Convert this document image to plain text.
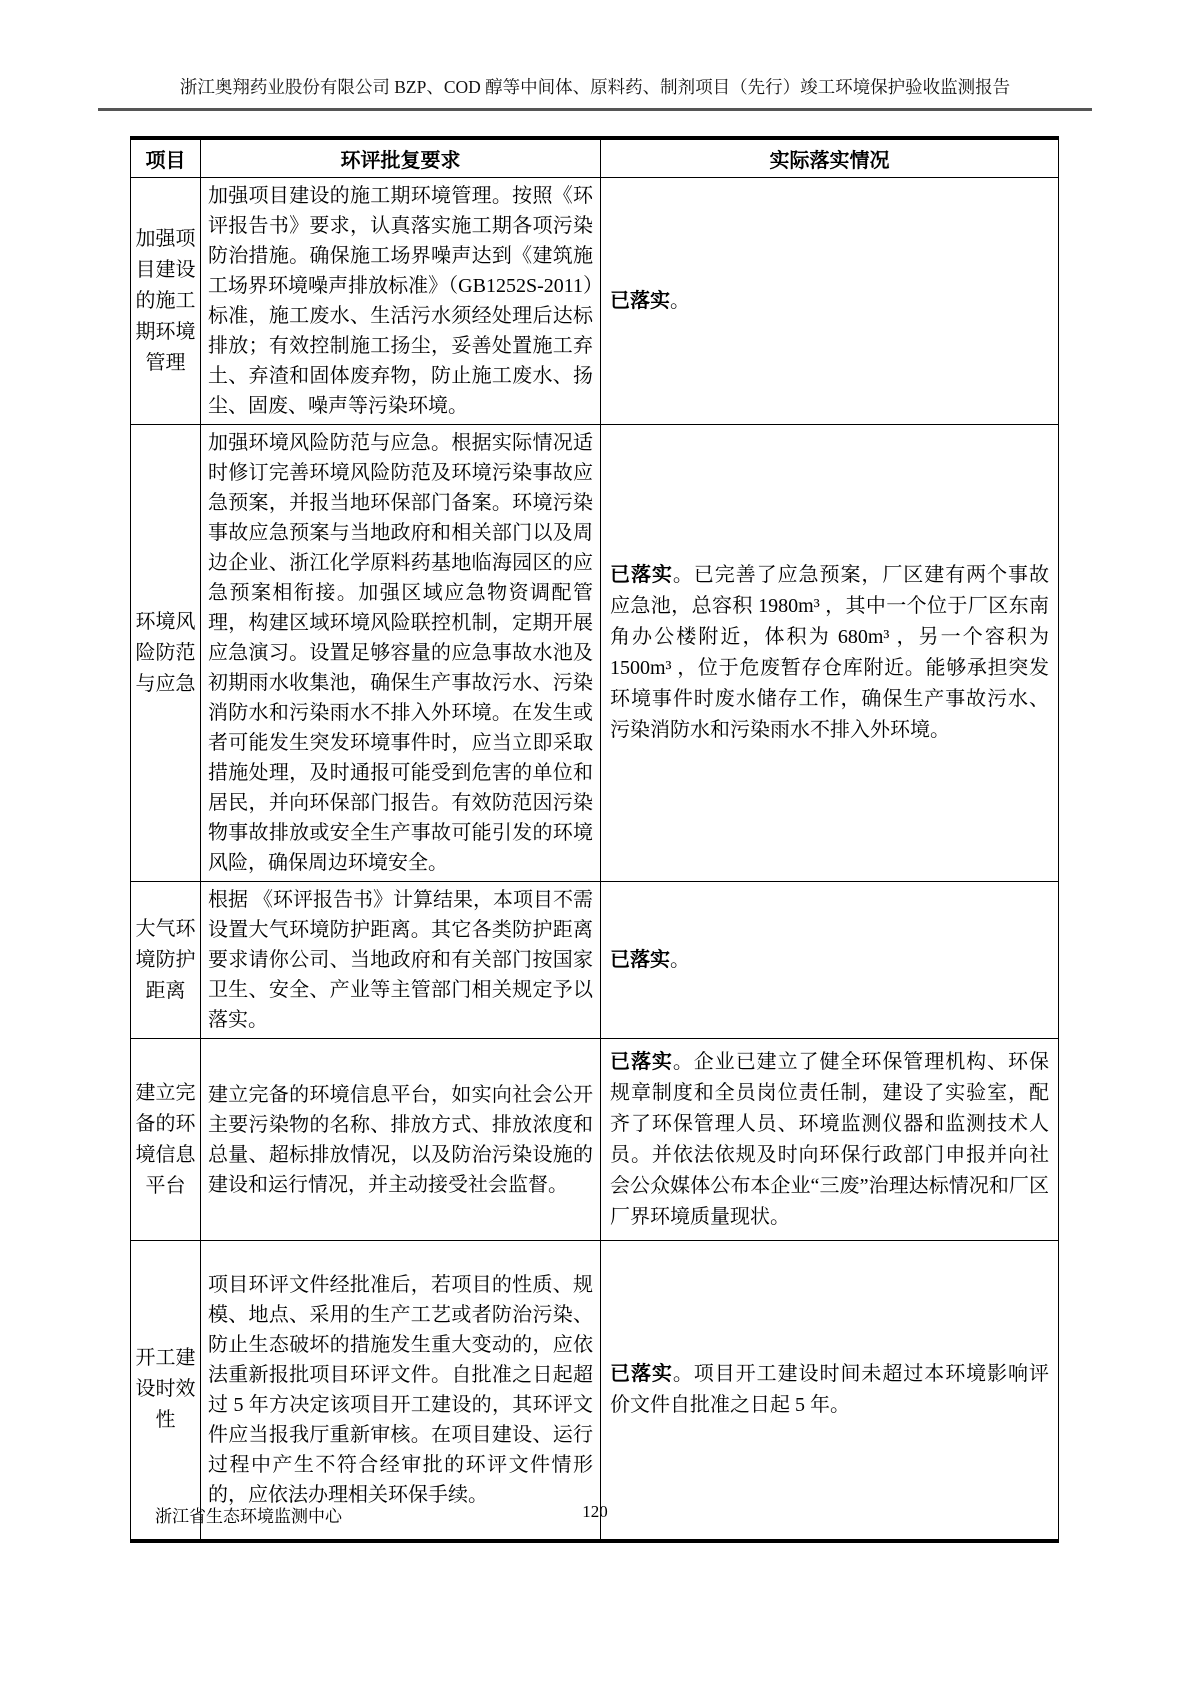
浙江奥翔药业股份有限公司 BZP、COD 醇等中间体、原料药、制剂项目（先行）竣工环境保护验收监测报告
项目	环评批复要求	实际落实情况
加强项目建设的施工期环境管理	加强项目建设的施工期环境管理。按照《环评报告书》要求，认真落实施工期各项污染防治措施。确保施工场界噪声达到《建筑施工场界环境噪声排放标准》（GB1252S-2011）标准，施工废水、生活污水须经处理后达标排放；有效控制施工扬尘，妥善处置施工弃土、弃渣和固体废弃物，防止施工废水、扬尘、固废、噪声等污染环境。	已落实。
环境风险防范与应急	加强环境风险防范与应急。根据实际情况适时修订完善环境风险防范及环境污染事故应急预案，并报当地环保部门备案。环境污染事故应急预案与当地政府和相关部门以及周边企业、浙江化学原料药基地临海园区的应急预案相衔接。加强区域应急物资调配管理，构建区域环境风险联控机制，定期开展应急演习。设置足够容量的应急事故水池及初期雨水收集池，确保生产事故污水、污染消防水和污染雨水不排入外环境。在发生或者可能发生突发环境事件时，应当立即采取措施处理，及时通报可能受到危害的单位和居民，并向环保部门报告。有效防范因污染物事故排放或安全生产事故可能引发的环境风险，确保周边环境安全。	已落实。已完善了应急预案，厂区建有两个事故应急池，总容积 1980m³ ，其中一个位于厂区东南角办公楼附近，体积为 680m³ ，另一个容积为 1500m³ ，位于危废暂存仓库附近。能够承担突发环境事件时废水储存工作，确保生产事故污水、污染消防水和污染雨水不排入外环境。
大气环境防护距离	根据 《环评报告书》计算结果，本项目不需设置大气环境防护距离。其它各类防护距离要求请你公司、当地政府和有关部门按国家卫生、安全、产业等主管部门相关规定予以落实。	已落实。
建立完备的环境信息平台	建立完备的环境信息平台，如实向社会公开主要污染物的名称、排放方式、排放浓度和总量、超标排放情况，以及防治污染设施的建设和运行情况，并主动接受社会监督。	已落实。企业已建立了健全环保管理机构、环保规章制度和全员岗位责任制，建设了实验室，配齐了环保管理人员、环境监测仪器和监测技术人员。并依法依规及时向环保行政部门申报并向社会公众媒体公布本企业“三废”治理达标情况和厂区厂界环境质量现状。
开工建设时效性	项目环评文件经批准后，若项目的性质、规模、地点、采用的生产工艺或者防治污染、防止生态破坏的措施发生重大变动的，应依法重新报批项目环评文件。自批准之日起超过 5 年方决定该项目开工建设的，其环评文件应当报我厅重新审核。在项目建设、运行过程中产生不符合经审批的环评文件情形的，应依法办理相关环保手续。	已落实。项目开工建设时间未超过本环境影响评价文件自批准之日起 5 年。
浙江省生态环境监测中心	120
